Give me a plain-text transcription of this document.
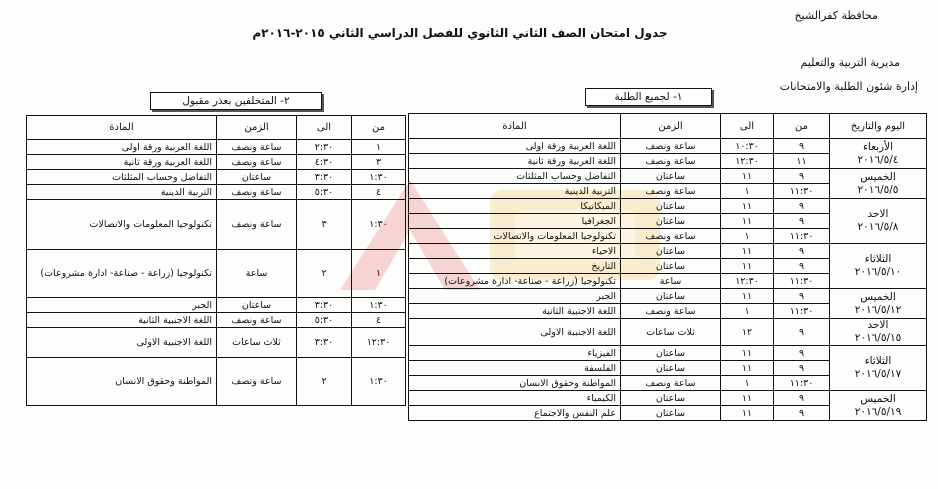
محافظة كفرالشيخ
مديرية التربية والتعليم
إدارة شئون الطلبة والامتحانات
جدول امتحان الصف الثاني الثانوي للفصل الدراسي الثاني ٢٠١٥-٢٠١٦م
١- لجميع الطلبة
٢- المتخلفين بعذر مقبول
اليوم والتاريخ	من	الى	الزمن	المادة

الأربعاء
٢٠١٦/٥/٤	٩	١٠:٣٠	ساعة ونصف	اللغة العربية ورقة اولى
	١١	١٢:٣٠	ساعة ونصف	اللغة العربية ورقة ثانية

الخميس
٢٠١٦/٥/٥	٩	١١	ساعتان	التفاضل وحساب المثلثات
	١١:٣٠	١	ساعة ونصف	التربية الدينية

الاحد
٢٠١٦/٥/٨	٩	١١	ساعتان	الميكانيكا
	٩	١١	ساعتان	الجغرافيا
	١١:٣٠	١	ساعة ونصف	تكنولوجيا المعلومات والاتصالات

الثلاثاء
٢٠١٦/٥/١٠	٩	١١	ساعتان	الاحياء
	٩	١١	ساعتان	التاريخ
	١١:٣٠	١٢:٣٠	ساعة	تكنولوجيا (زراعة - صناعة- ادارة مشروعات)

الخميس
٢٠١٦/٥/١٢	٩	١١	ساعتان	الجبر
	١١:٣٠	١	ساعة ونصف	اللغة الاجنبية الثانية

الاحد
٢٠١٦/٥/١٥	٩	١٢	ثلاث ساعات	اللغة الاجنبية الاولى

الثلاثاء
٢٠١٦/٥/١٧	٩	١١	ساعتان	الفيزياء
	٩	١١	ساعتان	الفلسفة
	١١:٣٠	١	ساعة ونصف	المواطنة وحقوق الانسان

الخميس
٢٠١٦/٥/١٩	٩	١١	ساعتان	الكيمياء
	٩	١١	ساعتان	علم النفس والاجتماع
من	الى	الزمن	المادة
١	٢:٣٠	ساعة ونصف	اللغة العربية ورقة اولى
٣	٤:٣٠	ساعة ونصف	اللغة العربية ورقة ثانية
١:٣٠	٣:٣٠	ساعتان	التفاضل وحساب المثلثات
٤	٥:٣٠	ساعة ونصف	التربية الدينية
١:٣٠	٣	ساعة ونصف	تكنولوجيا المعلومات والاتصالات
١	٢	ساعة	تكنولوجيا (زراعة - صناعة- ادارة مشروعات)
١:٣٠	٣:٣٠	ساعتان	الجبر
٤	٥:٣٠	ساعة ونصف	اللغة الاجنبية الثانية
١٢:٣٠	٣:٣٠	ثلاث ساعات	اللغة الاجنبية الاولى
١:٣٠	٢	ساعة ونصف	المواطنة وحقوق الانسان
